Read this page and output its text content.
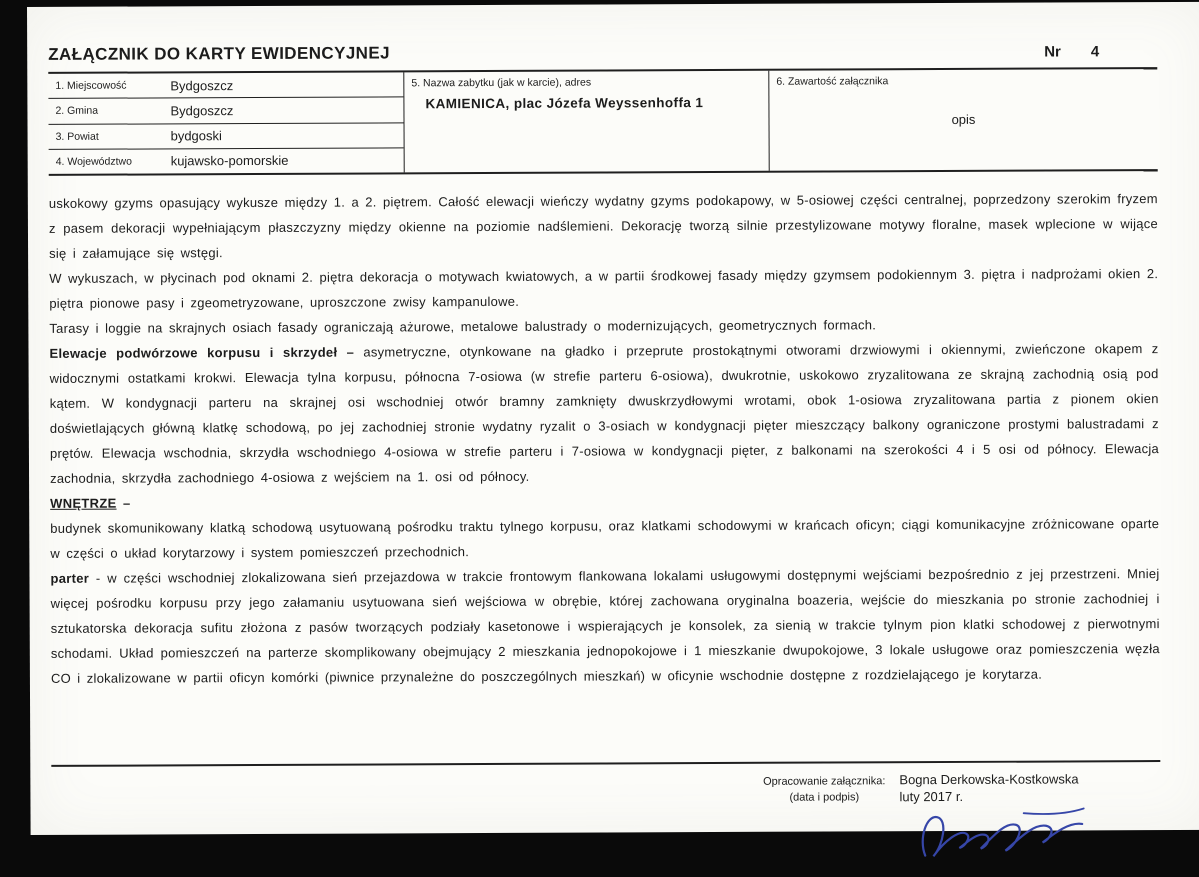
ZAŁĄCZNIK DO KARTY EWIDENCYJNEJ	Nr 4
1. Miejscowość	Bydgoszcz
2. Gmina	Bydgoszcz
3. Powiat	bydgoski
4. Województwo	kujawsko-pomorskie
5. Nazwa zabytku (jak w karcie), adres
KAMIENICA, plac Józefa Weyssenhoffa 1
6. Zawartość załącznika
opis

uskokowy gzyms opasujący wykusze między 1. a 2. piętrem. Całość elewacji wieńczy wydatny gzyms podokapowy, w 5-osiowej części centralnej, poprzedzony szerokim fryzem z pasem dekoracji wypełniającym płaszczyzny między okienne na poziomie nadślemieni. Dekorację tworzą silnie przestylizowane motywy floralne, masek wplecione w wijące się i załamujące się wstęgi.

W wykuszach, w płycinach pod oknami 2. piętra dekoracja o motywach kwiatowych, a w partii środkowej fasady między gzymsem podokiennym 3. piętra i nadprożami okien 2. piętra pionowe pasy i zgeometryzowane, uproszczone zwisy kampanulowe.

Tarasy i loggie na skrajnych osiach fasady ograniczają ażurowe, metalowe balustrady o modernizujących, geometrycznych formach.

Elewacje podwórzowe korpusu i skrzydeł – asymetryczne, otynkowane na gładko i przeprute prostokątnymi otworami drzwiowymi i okiennymi, zwieńczone okapem z widocznymi ostatkami krokwi. Elewacja tylna korpusu, północna 7-osiowa (w strefie parteru 6-osiowa), dwukrotnie, uskokowo zryzalitowana ze skrajną zachodnią osią pod kątem. W kondygnacji parteru na skrajnej osi wschodniej otwór bramny zamknięty dwuskrzydłowymi wrotami, obok 1-osiowa zryzalitowana partia z pionem okien doświetlających główną klatkę schodową, po jej zachodniej stronie wydatny ryzalit o 3-osiach w kondygnacji pięter mieszczący balkony ograniczone prostymi balustradami z prętów. Elewacja wschodnia, skrzydła wschodniego 4-osiowa w strefie parteru i 7-osiowa w kondygnacji pięter, z balkonami na szerokości 4 i 5 osi od północy. Elewacja zachodnia, skrzydła zachodniego 4-osiowa z wejściem na 1. osi od północy.

WNĘTRZE –

budynek skomunikowany klatką schodową usytuowaną pośrodku traktu tylnego korpusu, oraz klatkami schodowymi w krańcach oficyn; ciągi komunikacyjne zróżnicowane oparte w części o układ korytarzowy i system pomieszczeń przechodnich.

parter - w części wschodniej zlokalizowana sień przejazdowa w trakcie frontowym flankowana lokalami usługowymi dostępnymi wejściami bezpośrednio z jej przestrzeni. Mniej więcej pośrodku korpusu przy jego załamaniu usytuowana sień wejściowa w obrębie, której zachowana oryginalna boazeria, wejście do mieszkania po stronie zachodniej i sztukatorska dekoracja sufitu złożona z pasów tworzących podziały kasetonowe i wspierających je konsolek, za sienią w trakcie tylnym pion klatki schodowej z pierwotnymi schodami. Układ pomieszczeń na parterze skomplikowany obejmujący 2 mieszkania jednopokojowe i 1 mieszkanie dwupokojowe, 3 lokale usługowe oraz pomieszczenia węzła CO i zlokalizowane w partii oficyn komórki (piwnice przynależne do poszczególnych mieszkań) w oficynie wschodnie dostępne z rozdzielającego je korytarza.

Opracowanie załącznika:
(data i podpis)
Bogna Derkowska-Kostkowska
luty 2017 r.
